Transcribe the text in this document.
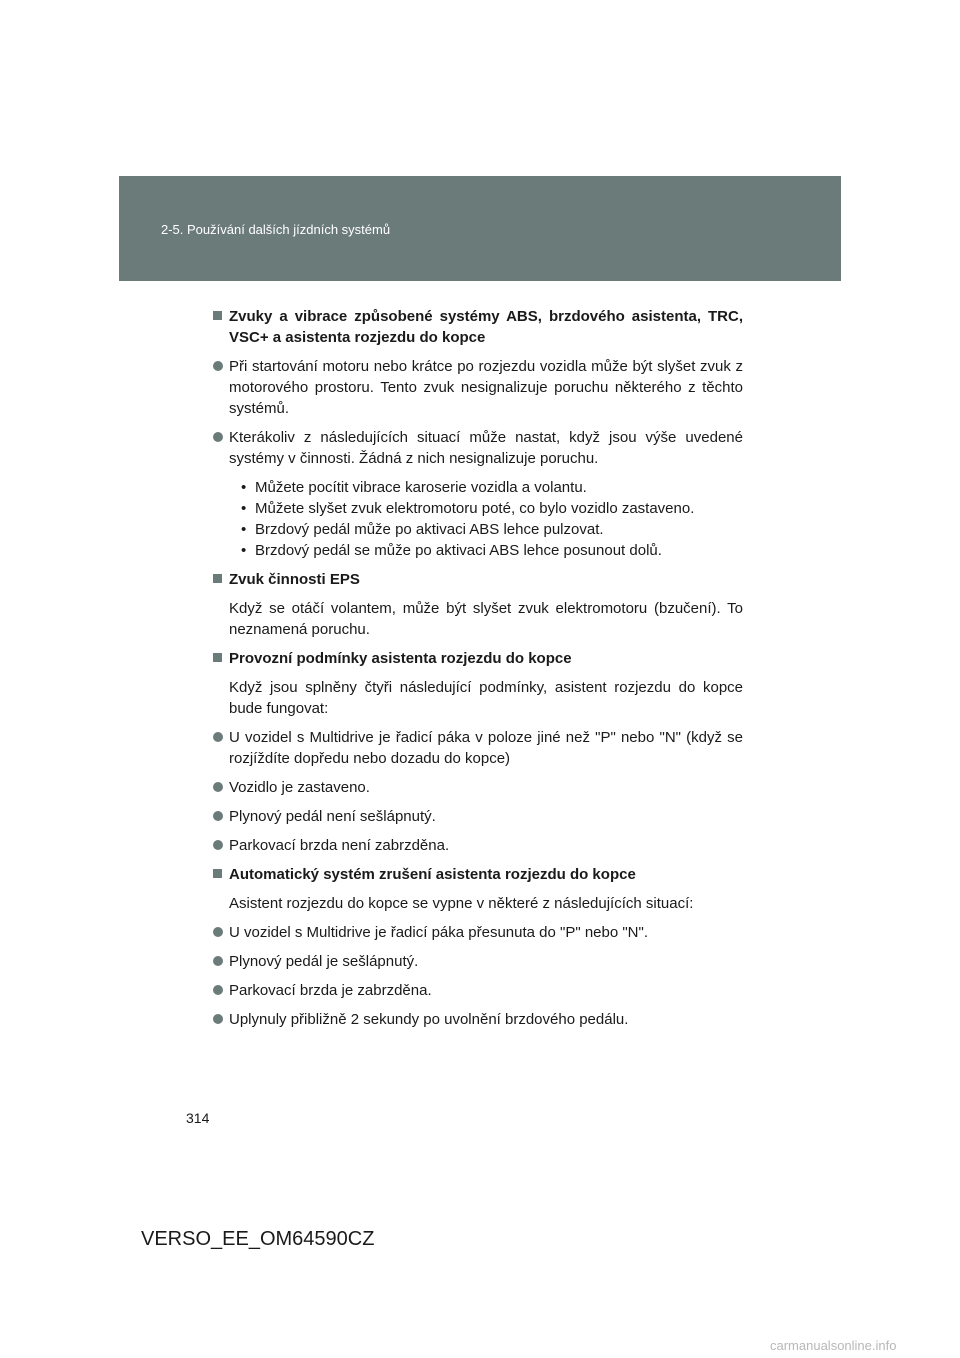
2-5. Používání dalších jízdních systémů
Zvuky a vibrace způsobené systémy ABS, brzdového asistenta, TRC, VSC+ a asistenta rozjezdu do kopce
Při startování motoru nebo krátce po rozjezdu vozidla může být slyšet zvuk z motorového prostoru. Tento zvuk nesignalizuje poruchu některého z těchto systémů.
Kterákoliv z následujících situací může nastat, když jsou výše uvedené systémy v činnosti. Žádná z nich nesignalizuje poruchu.
• Můžete pocítit vibrace karoserie vozidla a volantu.
• Můžete slyšet zvuk elektromotoru poté, co bylo vozidlo zastaveno.
• Brzdový pedál může po aktivaci ABS lehce pulzovat.
• Brzdový pedál se může po aktivaci ABS lehce posunout dolů.
Zvuk činnosti EPS
Když se otáčí volantem, může být slyšet zvuk elektromotoru (bzučení). To neznamená poruchu.
Provozní podmínky asistenta rozjezdu do kopce
Když jsou splněny čtyři následující podmínky, asistent rozjezdu do kopce bude fungovat:
U vozidel s Multidrive je řadicí páka v poloze jiné než "P" nebo "N" (když se rozjíždíte dopředu nebo dozadu do kopce)
Vozidlo je zastaveno.
Plynový pedál není sešlápnutý.
Parkovací brzda není zabrzděna.
Automatický systém zrušení asistenta rozjezdu do kopce
Asistent rozjezdu do kopce se vypne v některé z následujících situací:
U vozidel s Multidrive je řadicí páka přesunuta do "P" nebo "N".
Plynový pedál je sešlápnutý.
Parkovací brzda je zabrzděna.
Uplynuly přibližně 2 sekundy po uvolnění brzdového pedálu.
314
VERSO_EE_OM64590CZ
carmanualsonline.info
